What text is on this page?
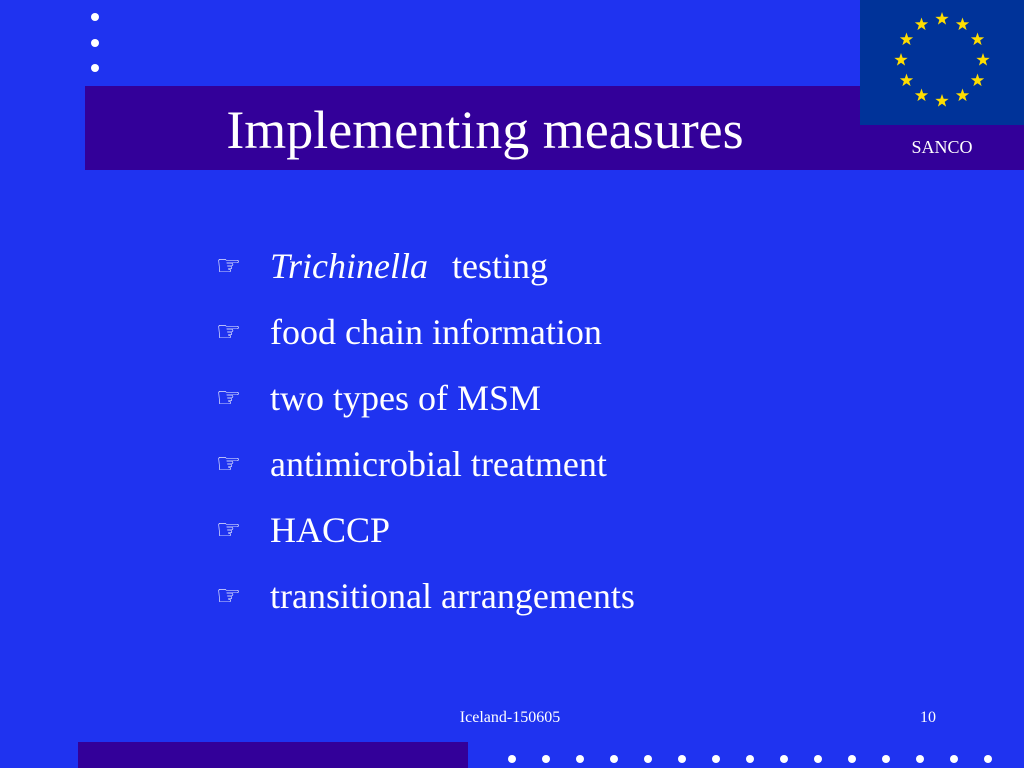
Implementing measures	SANCO
☞ Trichinella testing
☞ food chain information
☞ two types of MSM
☞ antimicrobial treatment
☞ HACCP
☞ transitional arrangements
Iceland-150605	10
